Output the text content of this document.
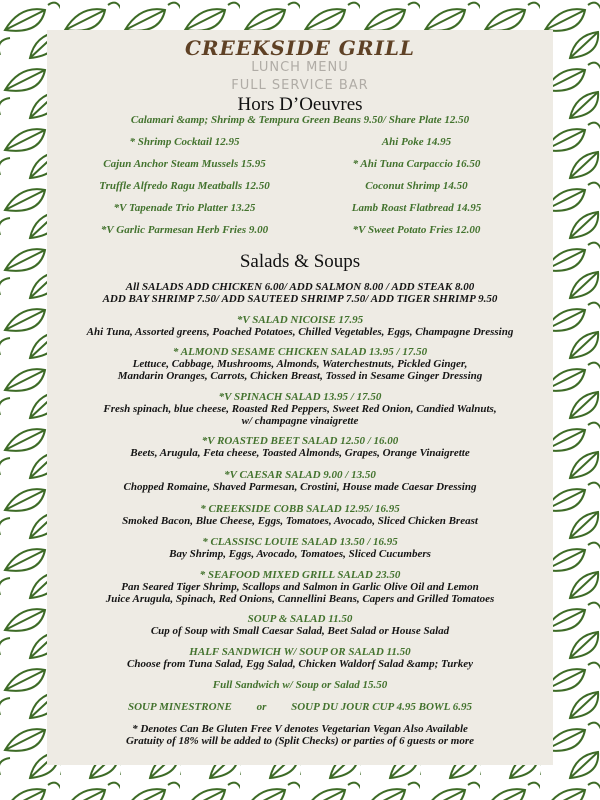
CREEKSIDE GRILL
LUNCH MENU
FULL SERVICE BAR
Hors D’Oeuvres
Calamari &amp; Shrimp & Tempura Green Beans 9.50/ Share Plate 12.50
* Shrimp Cocktail 12.95
Cajun Anchor Steam Mussels 15.95
Truffle Alfredo Ragu Meatballs 12.50
*V Tapenade Trio Platter 13.25
*V Garlic Parmesan Herb Fries 9.00
Ahi Poke 14.95
* Ahi Tuna Carpaccio 16.50
Coconut Shrimp 14.50
Lamb Roast Flatbread 14.95
*V Sweet Potato Fries 12.00
Salads & Soups
All SALADS ADD CHICKEN 6.00/ ADD SALMON 8.00 / ADD STEAK 8.00
ADD BAY SHRIMP 7.50/ ADD SAUTEED SHRIMP 7.50/ ADD TIGER SHRIMP 9.50
*V SALAD NICOISE 17.95
Ahi Tuna, Assorted greens, Poached Potatoes, Chilled Vegetables, Eggs, Champagne Dressing
* ALMOND SESAME CHICKEN SALAD 13.95 / 17.50
Lettuce, Cabbage, Mushrooms, Almonds, Waterchestnuts, Pickled Ginger,
Mandarin Oranges, Carrots, Chicken Breast, Tossed in Sesame Ginger Dressing
*V SPINACH SALAD 13.95 / 17.50
Fresh spinach, blue cheese, Roasted Red Peppers, Sweet Red Onion, Candied Walnuts,
w/ champagne vinaigrette
*V ROASTED BEET SALAD 12.50 / 16.00
Beets, Arugula, Feta cheese, Toasted Almonds, Grapes, Orange Vinaigrette
*V CAESAR SALAD 9.00 / 13.50
Chopped Romaine, Shaved Parmesan, Crostini, House made Caesar Dressing
* CREEKSIDE COBB SALAD 12.95/ 16.95
Smoked Bacon, Blue Cheese, Eggs, Tomatoes, Avocado, Sliced Chicken Breast
* CLASSISC LOUIE SALAD 13.50 / 16.95
Bay Shrimp, Eggs, Avocado, Tomatoes, Sliced Cucumbers
* SEAFOOD MIXED GRILL SALAD 23.50
Pan Seared Tiger Shrimp, Scallops and Salmon in Garlic Olive Oil and Lemon
Juice Arugula, Spinach, Red Onions, Cannellini Beans, Capers and Grilled Tomatoes
SOUP & SALAD 11.50
Cup of Soup with Small Caesar Salad, Beet Salad or House Salad
HALF SANDWICH W/ SOUP OR SALAD 11.50
Choose from Tuna Salad, Egg Salad, Chicken Waldorf Salad &amp; Turkey
Full Sandwich w/ Soup or Salad 15.50
SOUP MINESTRONE or SOUP DU JOUR CUP 4.95 BOWL 6.95
* Denotes Can Be Gluten Free V denotes Vegetarian Vegan Also Available
Gratuity of 18% will be added to (Split Checks) or parties of 6 guests or more
